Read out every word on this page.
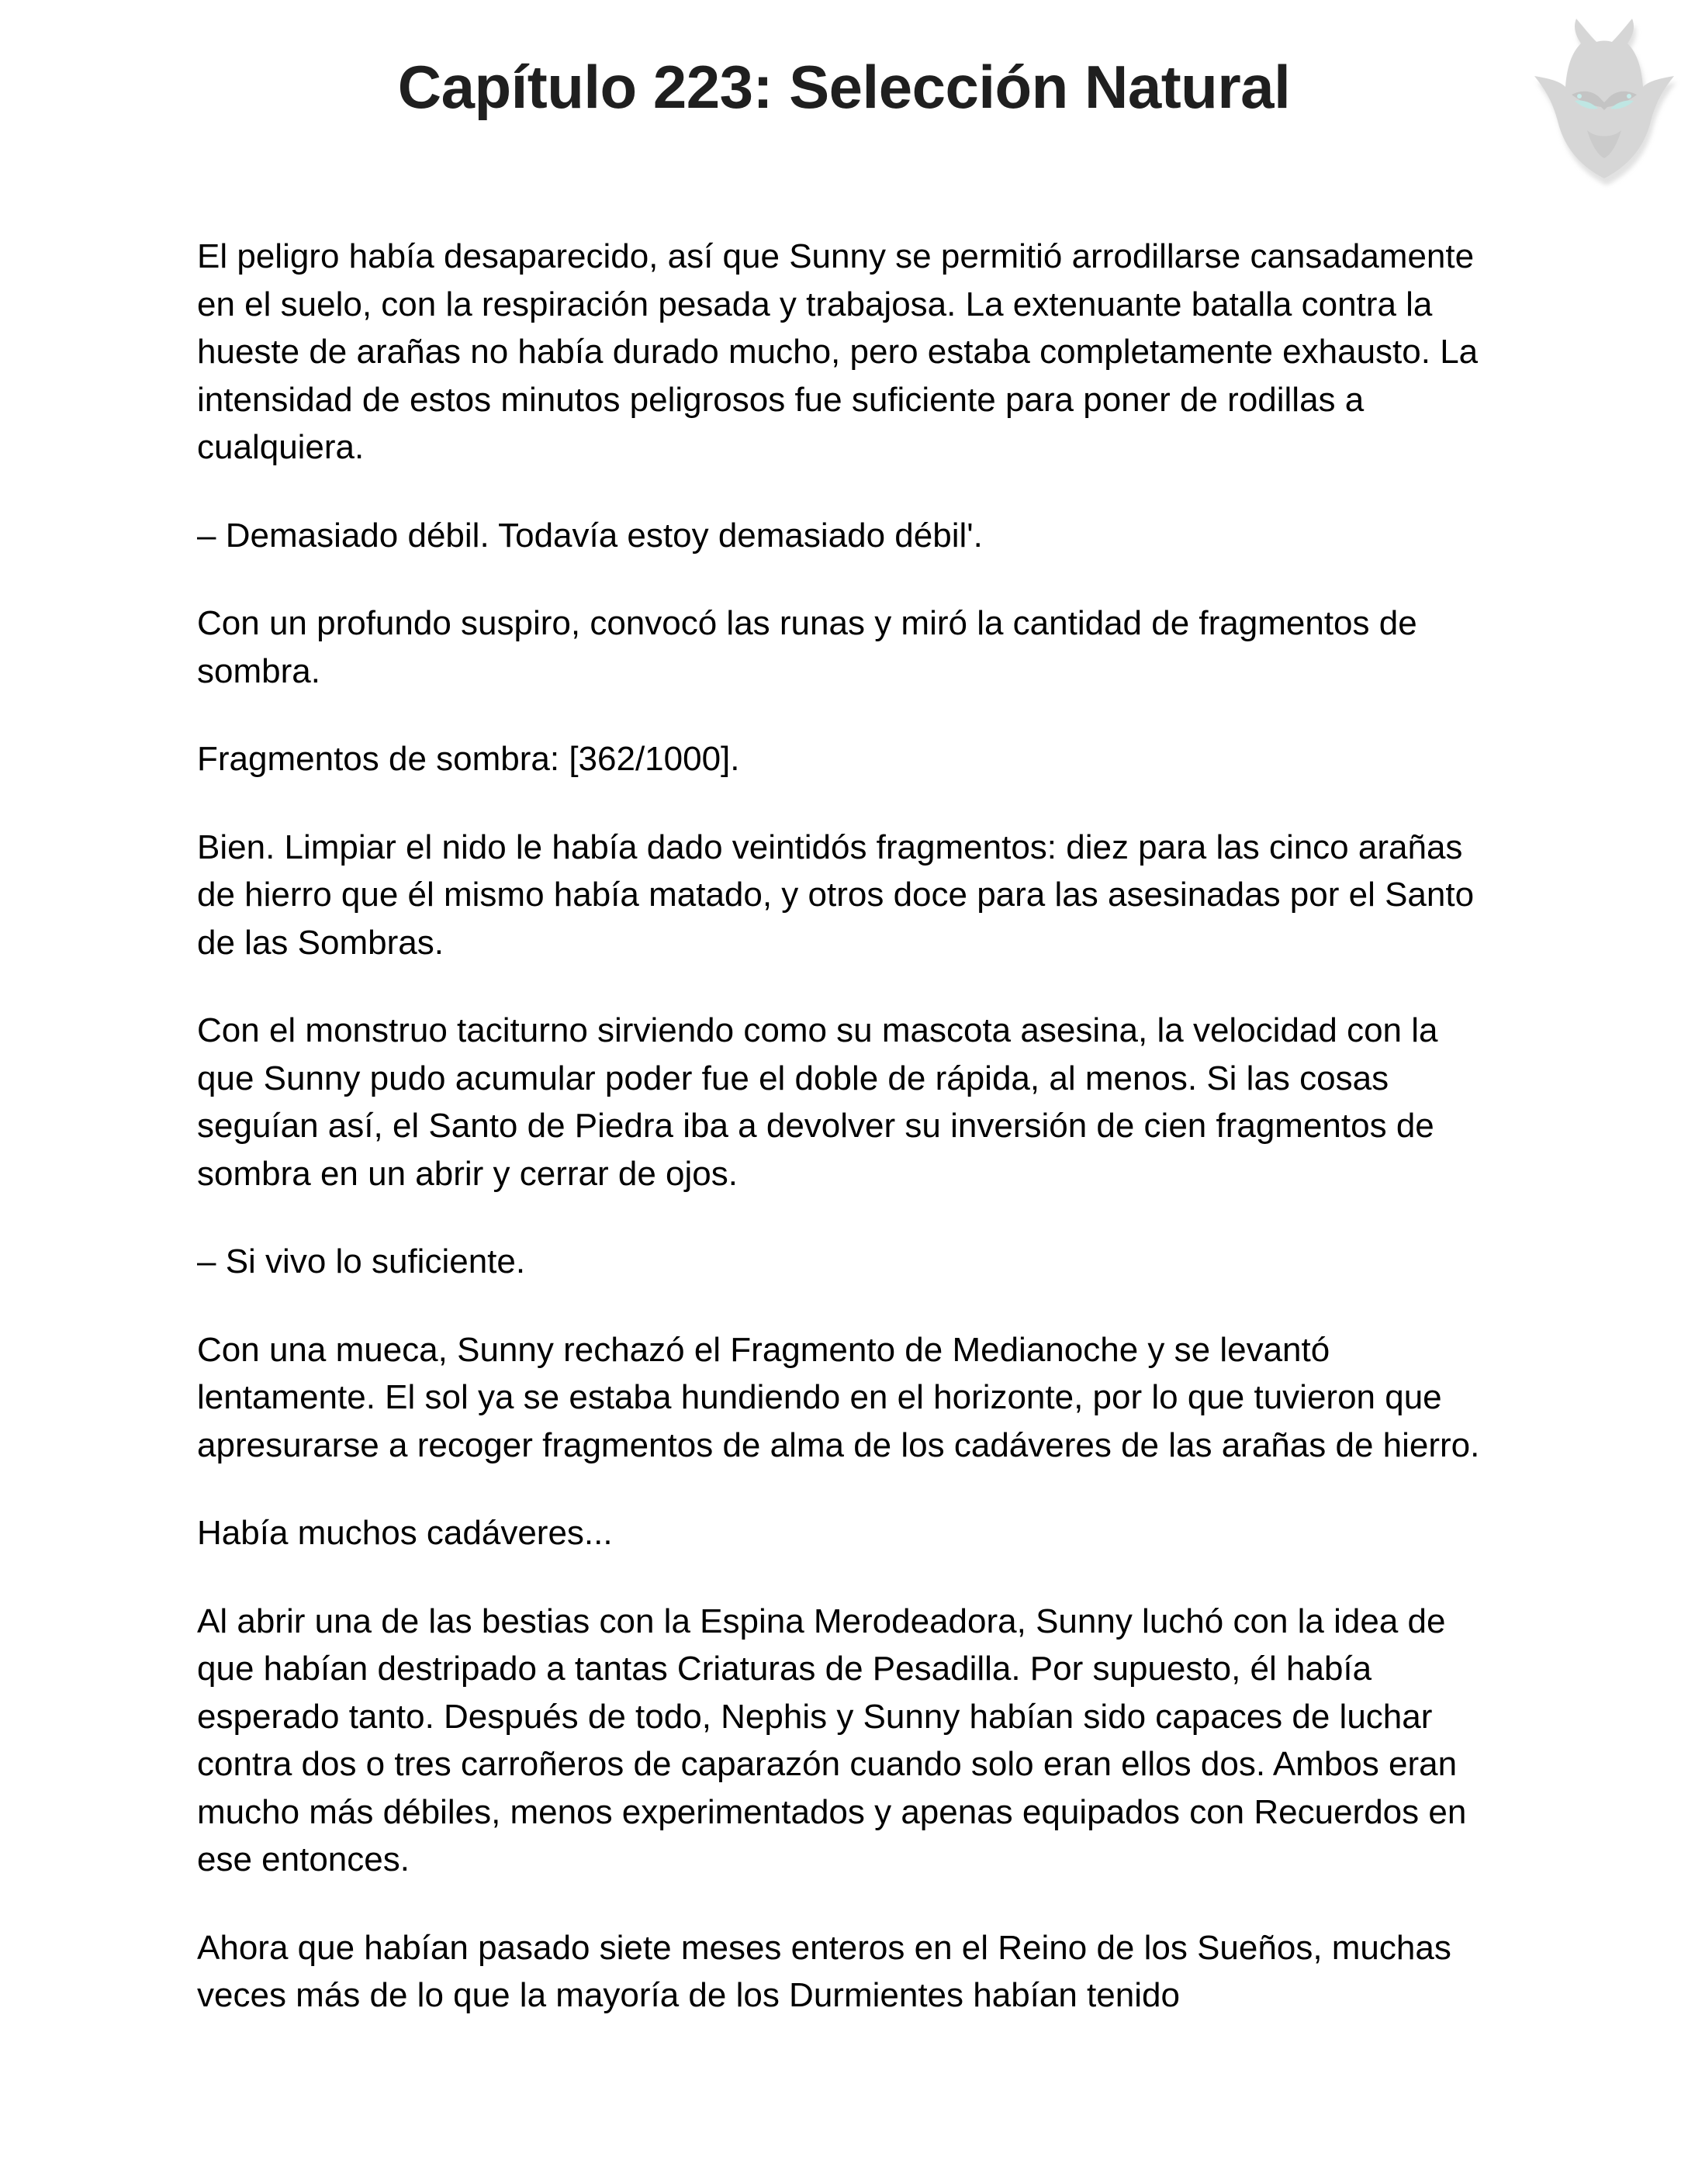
Capítulo 223: Selección Natural

El peligro había desaparecido, así que Sunny se permitió arrodillarse cansadamente en el suelo, con la respiración pesada y trabajosa. La extenuante batalla contra la hueste de arañas no había durado mucho, pero estaba completamente exhausto. La intensidad de estos minutos peligrosos fue suficiente para poner de rodillas a cualquiera.

– Demasiado débil. Todavía estoy demasiado débil'.

Con un profundo suspiro, convocó las runas y miró la cantidad de fragmentos de sombra.

Fragmentos de sombra: [362/1000].

Bien. Limpiar el nido le había dado veintidós fragmentos: diez para las cinco arañas de hierro que él mismo había matado, y otros doce para las asesinadas por el Santo de las Sombras.

Con el monstruo taciturno sirviendo como su mascota asesina, la velocidad con la que Sunny pudo acumular poder fue el doble de rápida, al menos. Si las cosas seguían así, el Santo de Piedra iba a devolver su inversión de cien fragmentos de sombra en un abrir y cerrar de ojos.

– Si vivo lo suficiente.

Con una mueca, Sunny rechazó el Fragmento de Medianoche y se levantó lentamente. El sol ya se estaba hundiendo en el horizonte, por lo que tuvieron que apresurarse a recoger fragmentos de alma de los cadáveres de las arañas de hierro.

Había muchos cadáveres...

Al abrir una de las bestias con la Espina Merodeadora, Sunny luchó con la idea de que habían destripado a tantas Criaturas de Pesadilla. Por supuesto, él había esperado tanto. Después de todo, Nephis y Sunny habían sido capaces de luchar contra dos o tres carroñeros de caparazón cuando solo eran ellos dos. Ambos eran mucho más débiles, menos experimentados y apenas equipados con Recuerdos en ese entonces.

Ahora que habían pasado siete meses enteros en el Reino de los Sueños, muchas veces más de lo que la mayoría de los Durmientes habían tenido
